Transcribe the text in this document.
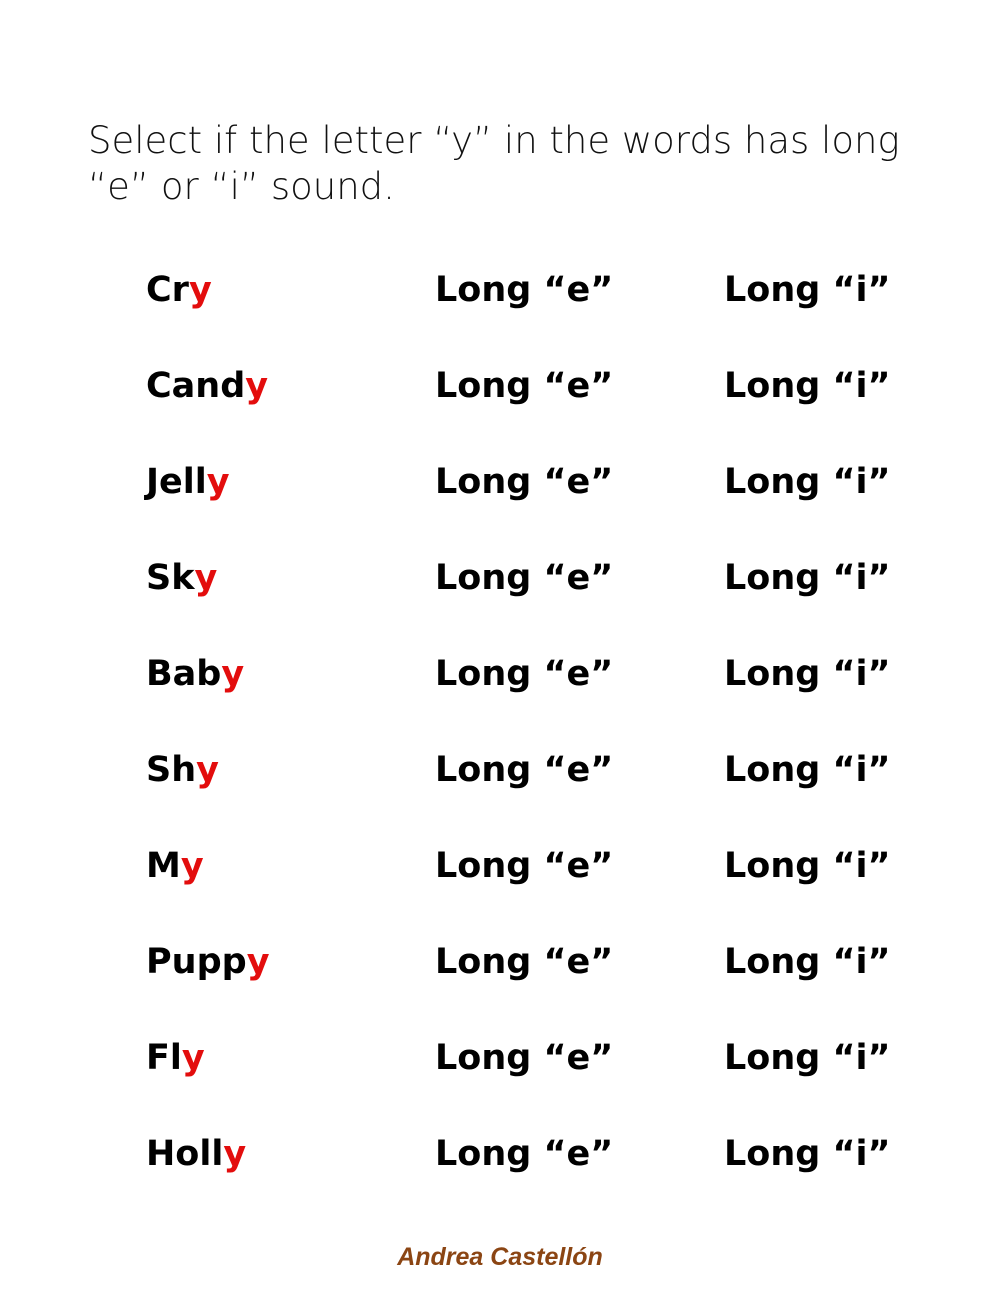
Select if the letter “y” in the words has long
“e” or “i” sound.

Cry	Long “e”	Long “i”
Candy	Long “e”	Long “i”
Jelly	Long “e”	Long “i”
Sky	Long “e”	Long “i”
Baby	Long “e”	Long “i”
Shy	Long “e”	Long “i”
My	Long “e”	Long “i”
Puppy	Long “e”	Long “i”
Fly	Long “e”	Long “i”
Holly	Long “e”	Long “i”
Andrea Castellón
